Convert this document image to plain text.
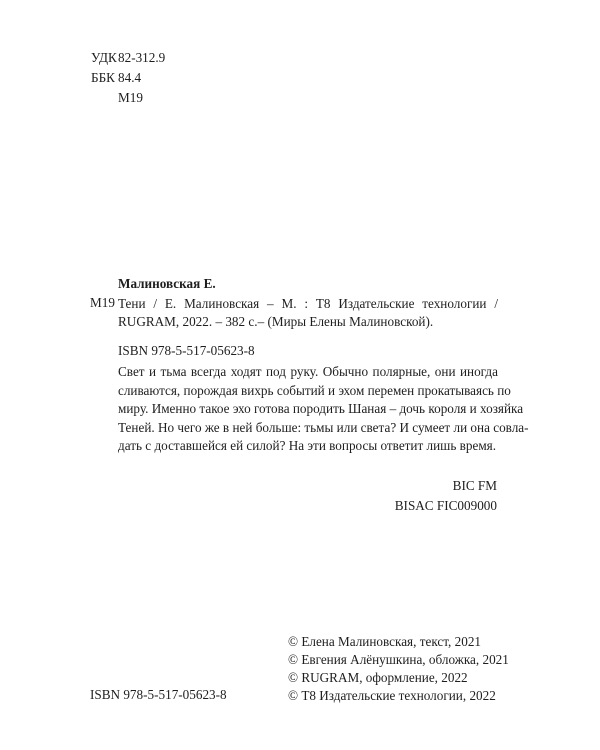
УДК 82-312.9
ББК 84.4
М19
Малиновская Е.
М19 Тени / Е. Малиновская – М. : Т8 Издательские технологии /
RUGRAM, 2022. – 382 с.– (Миры Елены Малиновской).
ISBN 978-5-517-05623-8
Свет и тьма всегда ходят под руку. Обычно полярные, они иногда
сливаются, порождая вихрь событий и эхом перемен прокатываясь по
миру. Именно такое эхо готова породить Шаная – дочь короля и хозяйка
Теней. Но чего же в ней больше: тьмы или света? И сумеет ли она совла-
дать с доставшейся ей силой? На эти вопросы ответит лишь время.
BIC FM
BISAC FIC009000
© Елена Малиновская, текст, 2021
© Евгения Алёнушкина, обложка, 2021
© RUGRAM, оформление, 2022
© Т8 Издательские технологии, 2022
ISBN 978-5-517-05623-8
